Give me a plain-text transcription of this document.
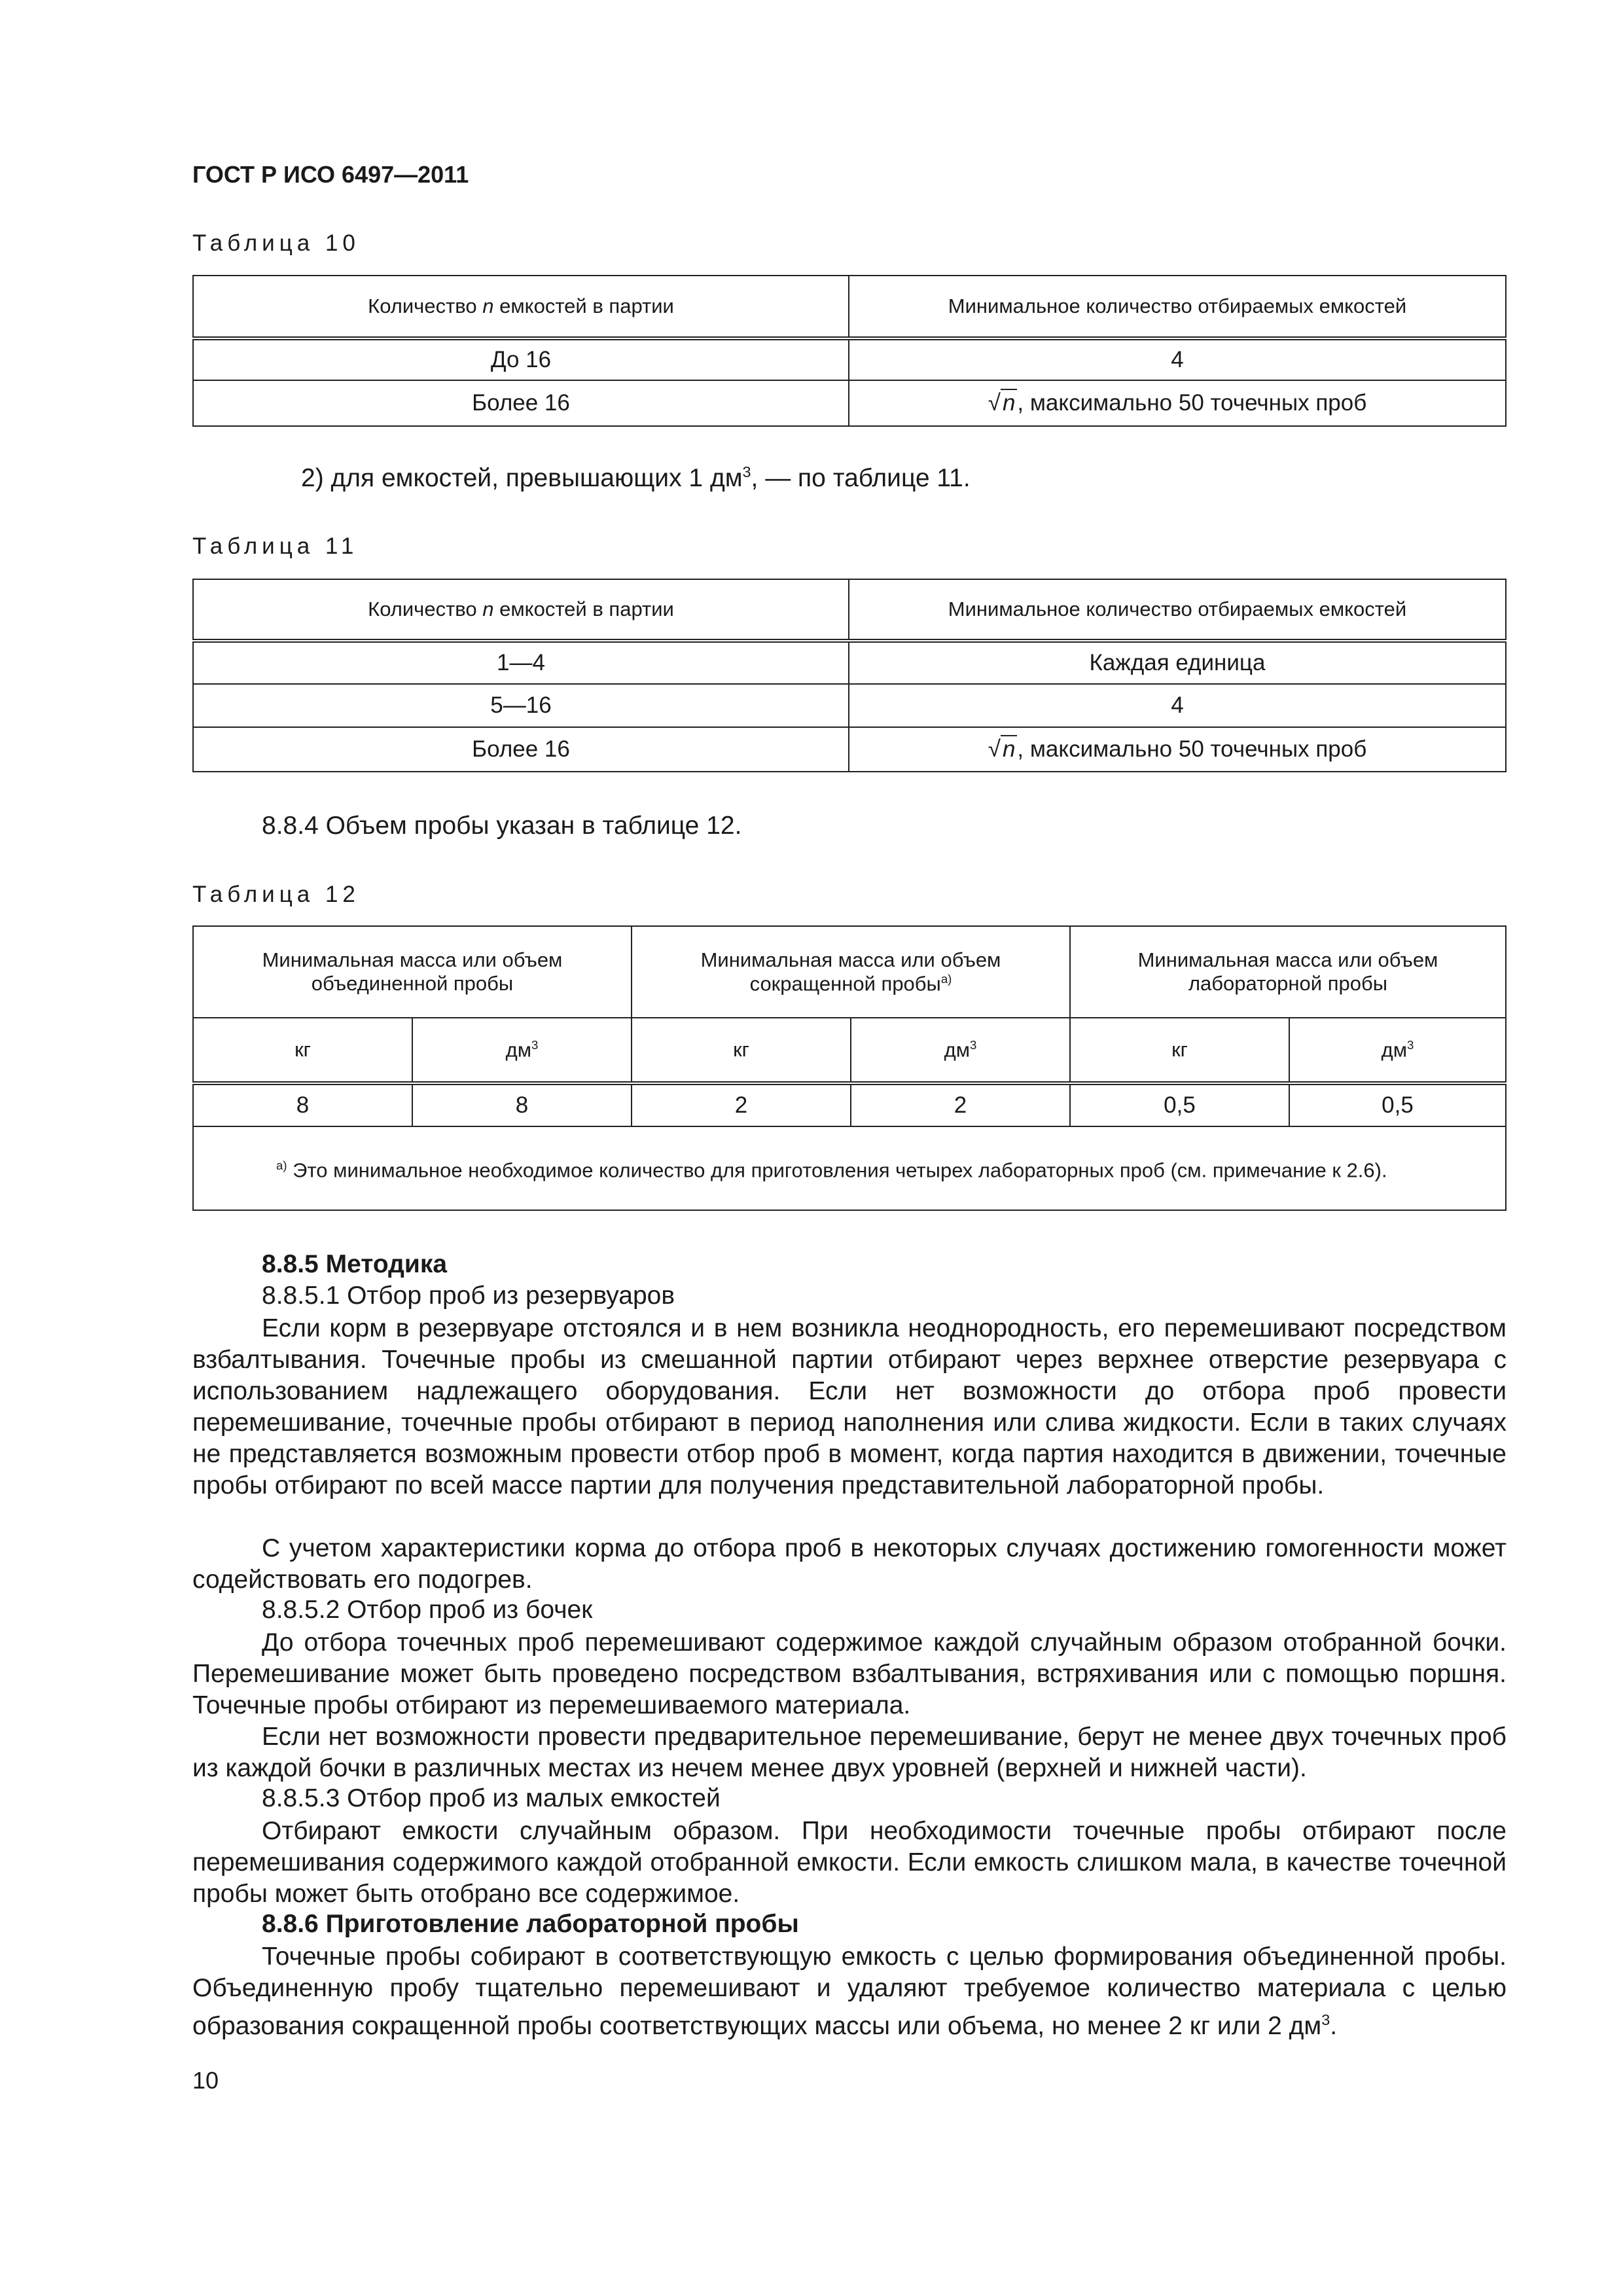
ГОСТ Р ИСО 6497—2011
Таблица 10
Количество n емкостей в партии	Минимальное количество отбираемых емкостей
До 16	4
Более 16	√n, максимально 50 точечных проб
2) для емкостей, превышающих 1 $дм^3$, — по таблице 11.
Таблица 11
Количество n емкостей в партии	Минимальное количество отбираемых емкостей
1—4	Каждая единица
5—16	4
Более 16	√n, максимально 50 точечных проб
8.8.4 Объем пробы указан в таблице 12.
Таблица 12
Минимальная масса или объем объединенной пробы		Минимальная масса или объем сокращенной пробы$^{а)}$		Минимальная масса или объем лабораторной пробы	
кг	$дм^3$	кг	$дм^3$	кг	$дм^3$
8	8	2	2	0,5	0,5
$^{а)}$ Это минимальное необходимое количество для приготовления четырех лабораторных проб (см. примечание к 2.6).					
8.8.5 Методика
8.8.5.1 Отбор проб из резервуаров
Если корм в резервуаре отстоялся и в нем возникла неоднородность, его перемешивают посредством взбалтывания. Точечные пробы из смешанной партии отбирают через верхнее отверстие резервуара с использованием надлежащего оборудования. Если нет возможности до отбора проб провести перемешивание, точечные пробы отбирают в период наполнения или слива жидкости. Если в таких случаях не представляется возможным провести отбор проб в момент, когда партия находится в движении, точечные пробы отбирают по всей массе партии для получения представительной лабораторной пробы.
С учетом характеристики корма до отбора проб в некоторых случаях достижению гомогенности может содействовать его подогрев.
8.8.5.2 Отбор проб из бочек
До отбора точечных проб перемешивают содержимое каждой случайным образом отобранной бочки. Перемешивание может быть проведено посредством взбалтывания, встряхивания или с помощью поршня. Точечные пробы отбирают из перемешиваемого материала.
Если нет возможности провести предварительное перемешивание, берут не менее двух точечных проб из каждой бочки в различных местах из нечем менее двух уровней (верхней и нижней части).
8.8.5.3 Отбор проб из малых емкостей
Отбирают емкости случайным образом. При необходимости точечные пробы отбирают после перемешивания содержимого каждой отобранной емкости. Если емкость слишком мала, в качестве точечной пробы может быть отобрано все содержимое.
8.8.6 Приготовление лабораторной пробы
Точечные пробы собирают в соответствующую емкость с целью формирования объединенной пробы. Объединенную пробу тщательно перемешивают и удаляют требуемое количество материала с целью образования сокращенной пробы соответствующих массы или объема, но менее 2 кг или 2 $дм^3$.
10
